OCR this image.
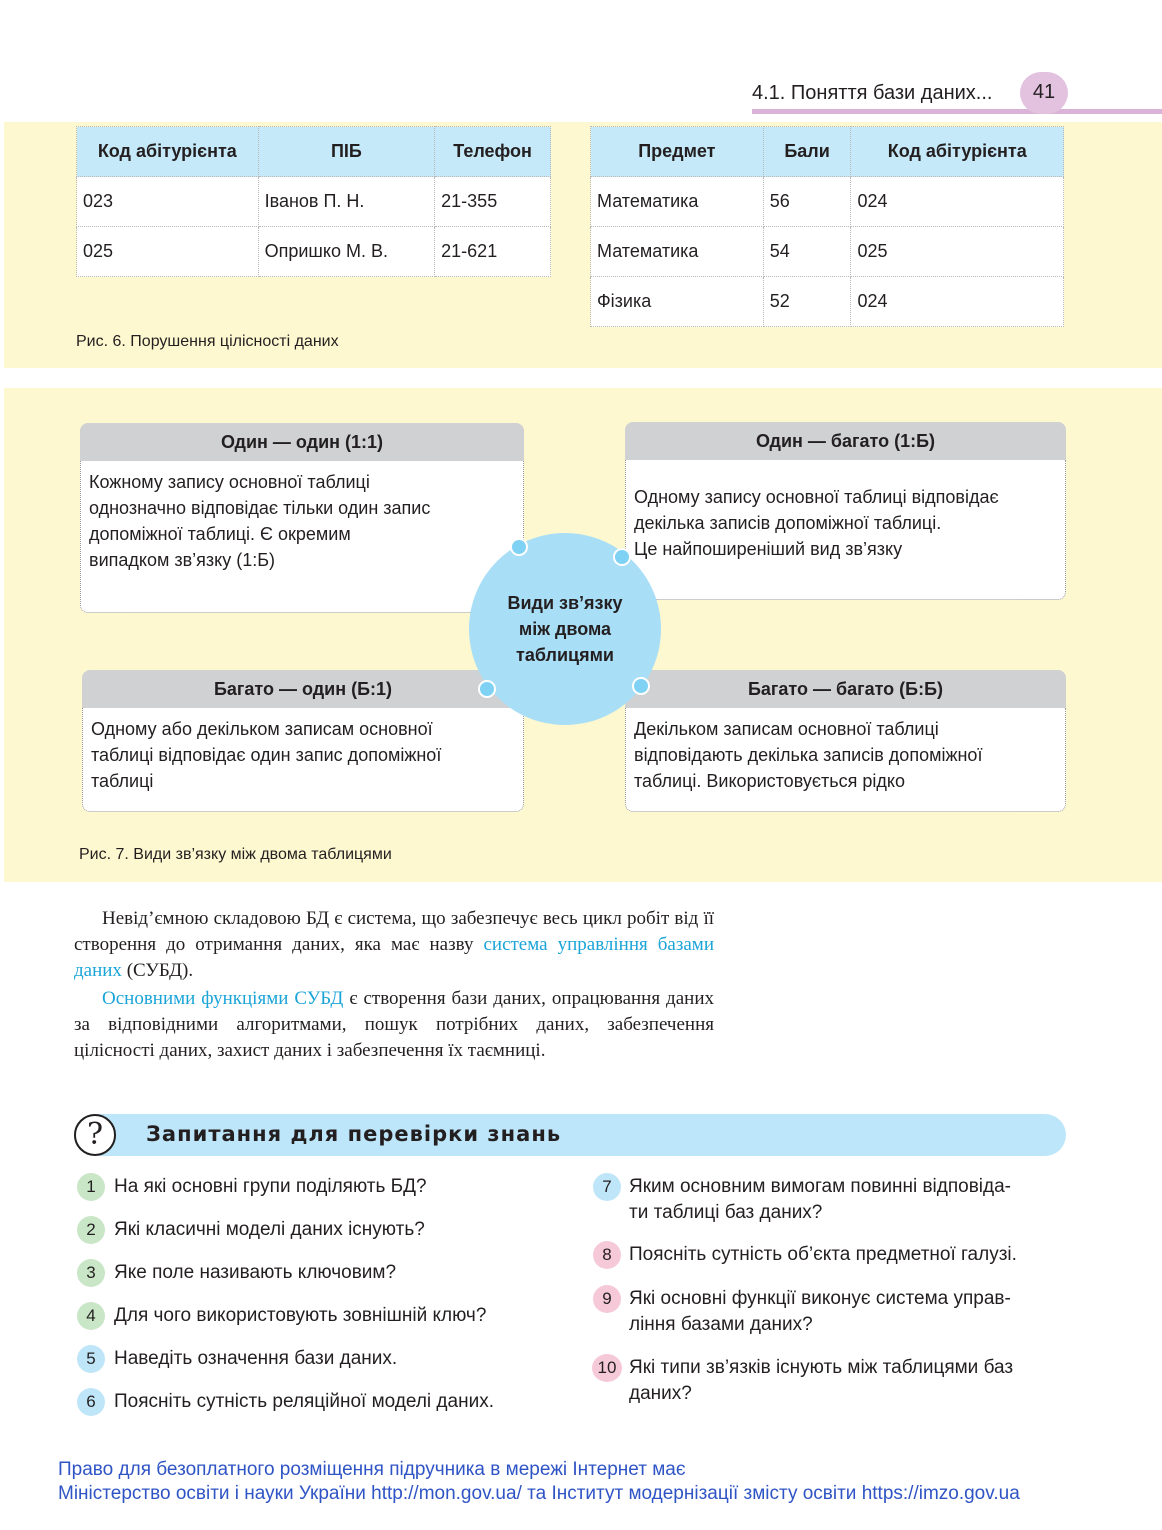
4.1. Поняття бази даних...	41
Код абітурієнта	ПІБ	Телефон
023	Іванов П. Н.	21-355
025	Опришко М. В.	21-621
Предмет	Бали	Код абітурієнта
Математика	56	024
Математика	54	025
Фізика	52	024
Рис. 6. Порушення цілісності даних
Один — один (1:1)
Кожному запису основної таблиці
однозначно відповідає тільки один запис
допоміжної таблиці. Є окремим
випадком зв’язку (1:Б)
Один — багато (1:Б)
Одному запису основної таблиці відповідає
декілька записів допоміжної таблиці.
Це найпоширеніший вид зв’язку
Багато — один (Б:1)
Одному або декільком записам основної
таблиці відповідає один запис допоміжної
таблиці
Багато — багато (Б:Б)
Декільком записам основної таблиці
відповідають декілька записів допоміжної
таблиці. Використовується рідко
Види зв’язку
між двома
таблицями
Рис. 7. Види зв’язку між двома таблицями
Невід’ємною складовою БД є система, що забезпечує весь цикл робіт від її створення до отримання даних, яка має назву система управління базами даних (СУБД).
Основними функціями СУБД є створення бази даних, опрацювання даних за відповідними алгоритмами, пошук потрібних даних, забезпечення цілісності даних, захист даних і забезпечення їх таємниці.
?	Запитання для перевірки знань
1 На які основні групи поділяють БД?
2 Які класичні моделі даних існують?
3 Яке поле називають ключовим?
4 Для чого використовують зовнішній ключ?
5 Наведіть означення бази даних.
6 Поясніть сутність реляційної моделі даних.
7 Яким основним вимогам повинні відповіда-
ти таблиці баз даних?
8 Поясніть сутність об’єкта предметної галузі.
9 Які основні функції виконує система управ-
ління базами даних?
10 Які типи зв’язків існують між таблицями баз
даних?
Право для безоплатного розміщення підручника в мережі Інтернет має
Міністерство освіти і науки України http://mon.gov.ua/ та Інститут модернізації змісту освіти https://imzo.gov.ua
